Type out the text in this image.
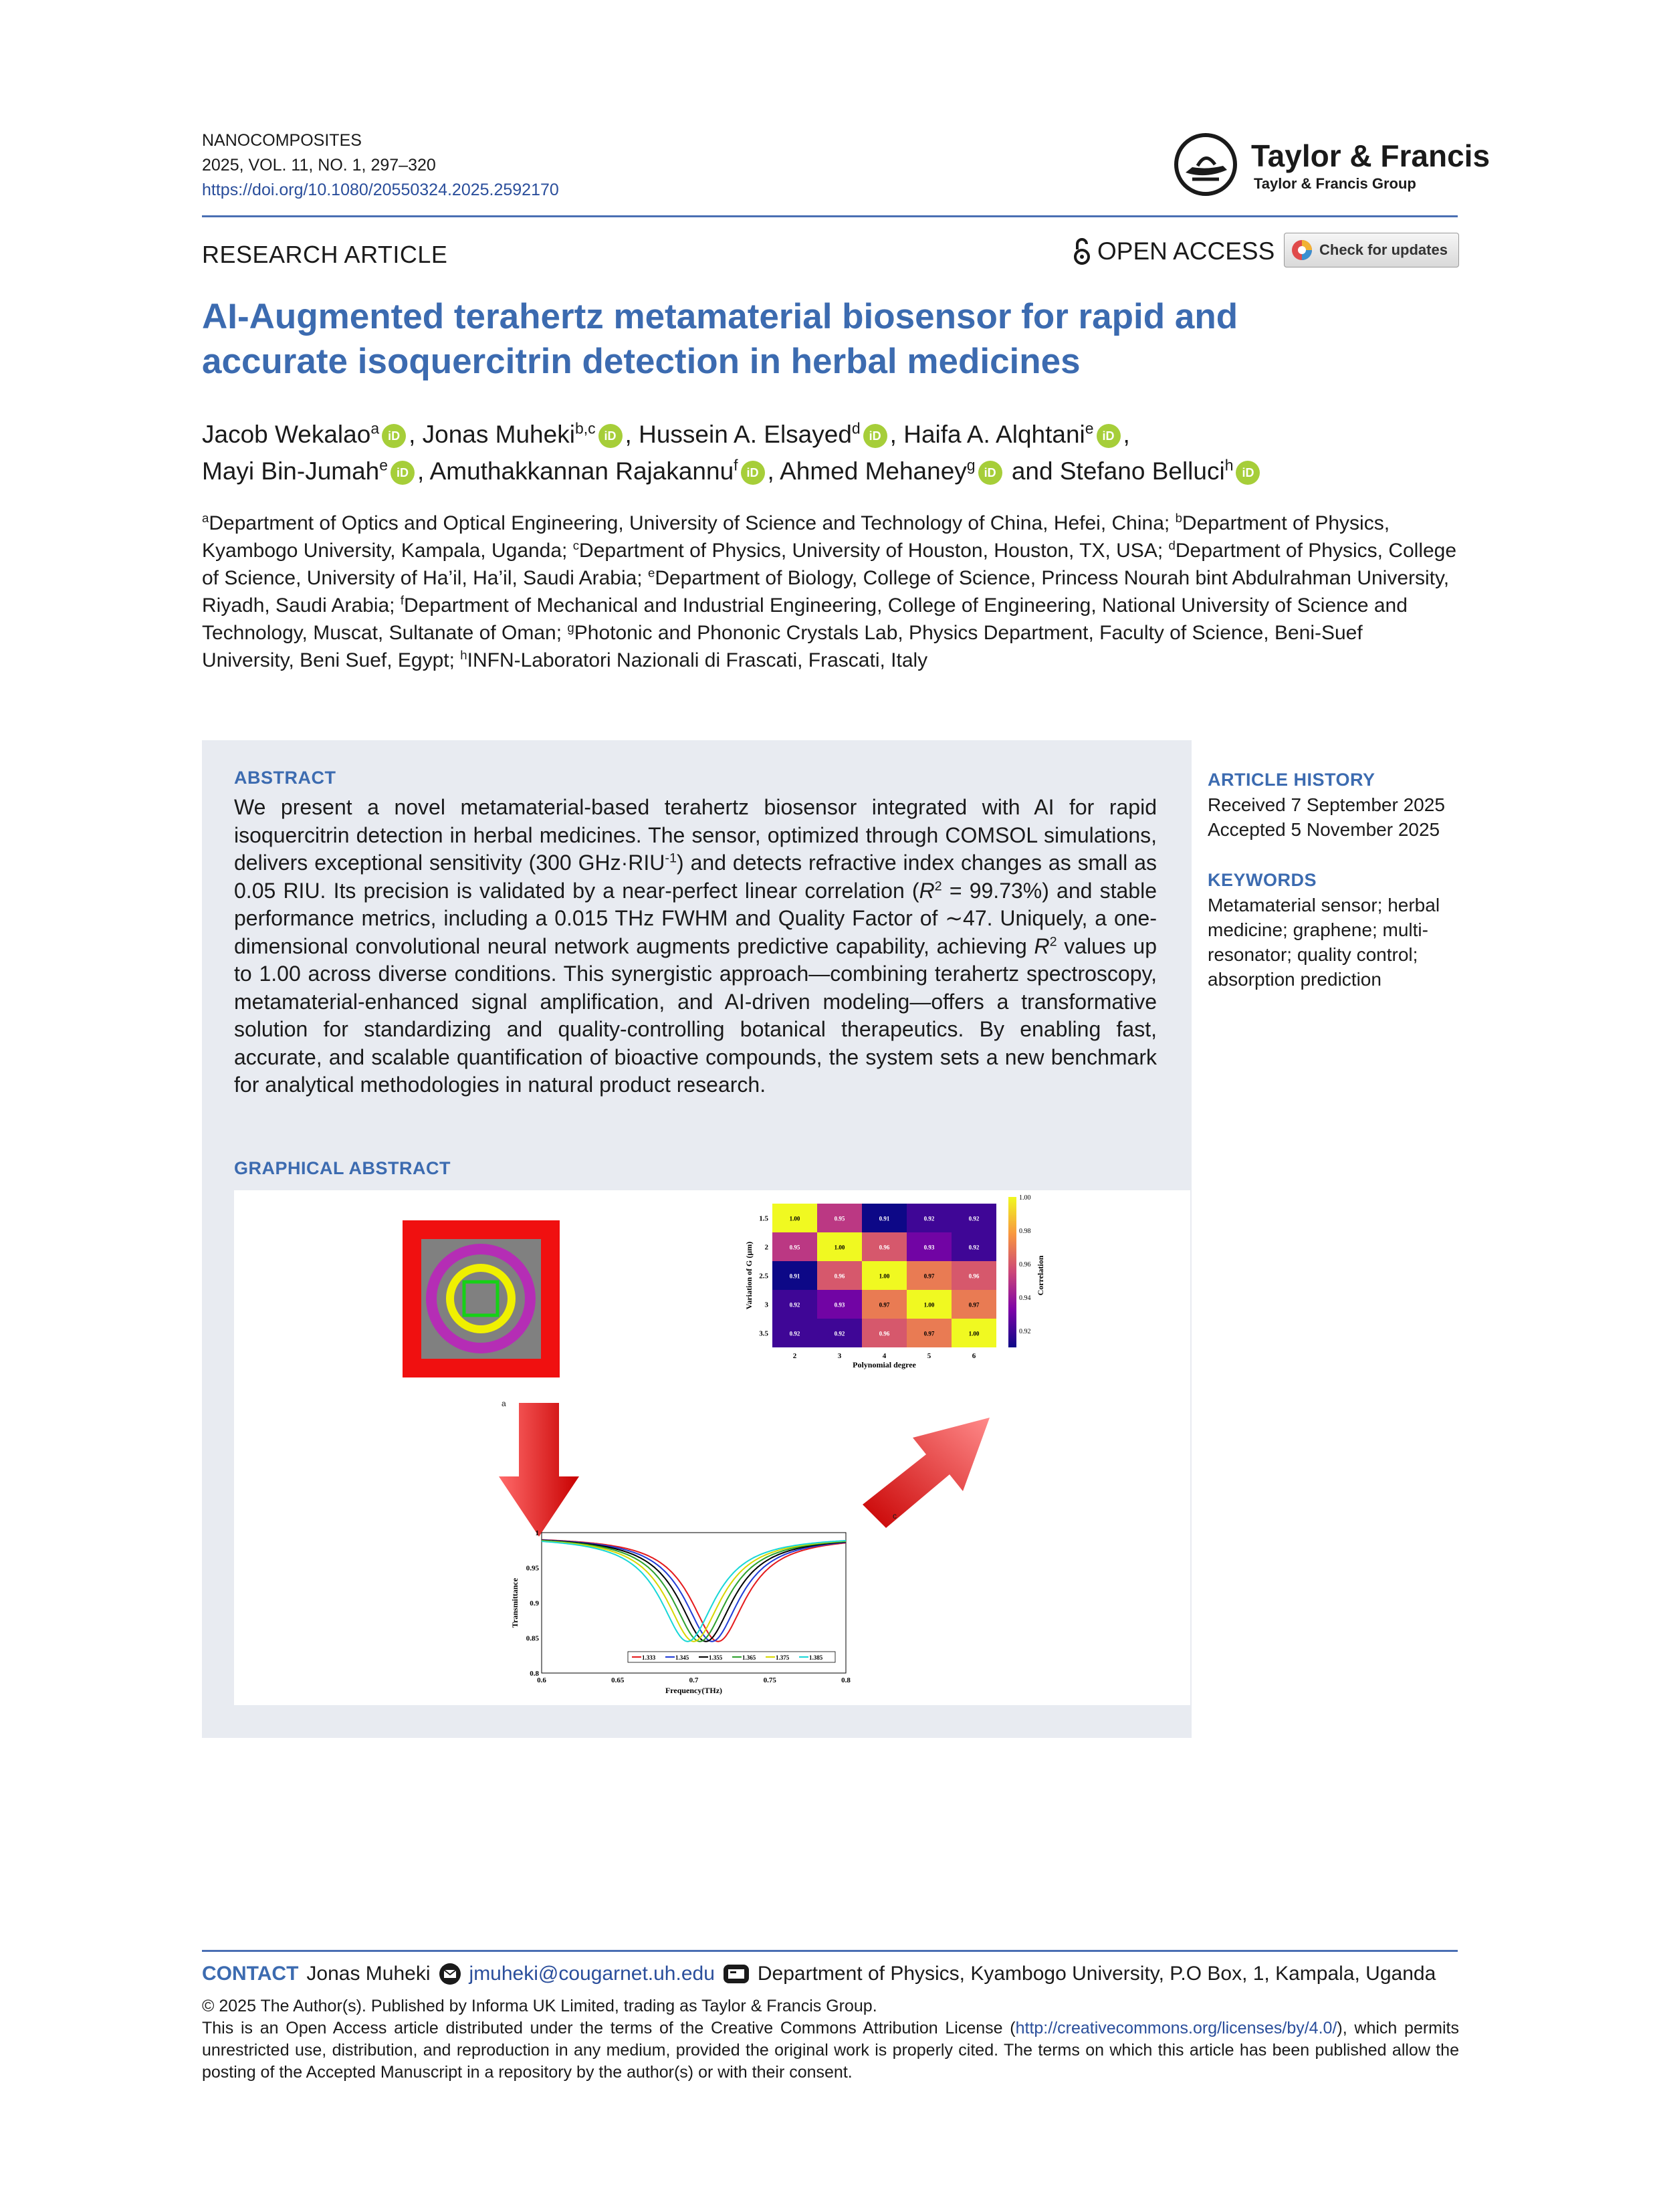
NANOCOMPOSITES
2025, VOL. 11, NO. 1, 297–320
https://doi.org/10.1080/20550324.2025.2592170
Taylor & Francis
Taylor & Francis Group
RESEARCH ARTICLE	OPEN ACCESS	Check for updates
AI-Augmented terahertz metamaterial biosensor for rapid and accurate isoquercitrin detection in herbal medicines
Jacob Wekalao$^a$ iD , Jonas Muheki$^{b,c}$ iD , Hussein A. Elsayed$^d$ iD , Haifa A. Alqhtani$^e$ iD ,
Mayi Bin-Jumah$^e$ iD , Amuthakkannan Rajakannu$^f$ iD , Ahmed Mehaney$^g$ iD and Stefano Belluci$^h$ iD
$^a$Department of Optics and Optical Engineering, University of Science and Technology of China, Hefei, China; $^b$Department of Physics, Kyambogo University, Kampala, Uganda; $^c$Department of Physics, University of Houston, Houston, TX, USA; $^d$Department of Physics, College of Science, University of Ha’il, Ha’il, Saudi Arabia; $^e$Department of Biology, College of Science, Princess Nourah bint Abdulrahman University, Riyadh, Saudi Arabia; $^f$Department of Mechanical and Industrial Engineering, College of Engineering, National University of Science and Technology, Muscat, Sultanate of Oman; $^g$Photonic and Phononic Crystals Lab, Physics Department, Faculty of Science, Beni-Suef University, Beni Suef, Egypt; $^h$INFN-Laboratori Nazionali di Frascati, Frascati, Italy
ABSTRACT
We present a novel metamaterial-based terahertz biosensor integrated with AI for rapid isoquercitrin detection in herbal medicines. The sensor, optimized through COMSOL simulations, delivers exceptional sensitivity (300 $GHz\cdot RIU^{-1}$) and detects refractive index changes as small as 0.05 RIU. Its precision is validated by a near-perfect linear correlation $(R^2 = 99.73\%)$ and stable performance metrics, including a 0.015 THz FWHM and Quality Factor of ∼47. Uniquely, a one-dimensional convolutional neural network augments predictive capability, achieving $R^2$ values up to 1.00 across diverse conditions. This synergistic approach—combining terahertz spectroscopy, metamaterial-enhanced signal amplification, and AI-driven modeling—offers a transformative solution for standardizing and quality-controlling botanical therapeutics. By enabling fast, accurate, and scalable quantification of bioactive compounds, the system sets a new benchmark for analytical methodologies in natural product research.
GRAPHICAL ABSTRACT
a
c
1.00	0.95	0.91	0.92	0.92
0.95	1.00	0.96	0.93	0.92
0.91	0.96	1.00	0.97	0.96
0.92	0.93	0.97	1.00	0.97
0.92	0.92	0.96	0.97	1.00
1.5
2
2.5
3
3.5
2	3	4	5	6
Polynomial degree
Variation of G (µm)
1.00
0.98
0.96
0.94
0.92
Correlation
0.6	0.65	0.7	0.75	0.8
1
0.95
0.9
0.85
0.8
Frequency(THz)
Transmittance
1.333	1.345	1.355	1.365	1.375	1.385
ARTICLE HISTORY
Received 7 September 2025
Accepted 5 November 2025
KEYWORDS
Metamaterial sensor; herbal
medicine; graphene; multi-
resonator; quality control;
absorption prediction
CONTACT Jonas Muheki jmuheki@cougarnet.uh.edu Department of Physics, Kyambogo University, P.O Box, 1, Kampala, Uganda
© 2025 The Author(s). Published by Informa UK Limited, trading as Taylor & Francis Group.
This is an Open Access article distributed under the terms of the Creative Commons Attribution License (http://creativecommons.org/licenses/by/4.0/), which permits unrestricted use, distribution, and reproduction in any medium, provided the original work is properly cited. The terms on which this article has been published allow the posting of the Accepted Manuscript in a repository by the author(s) or with their consent.
